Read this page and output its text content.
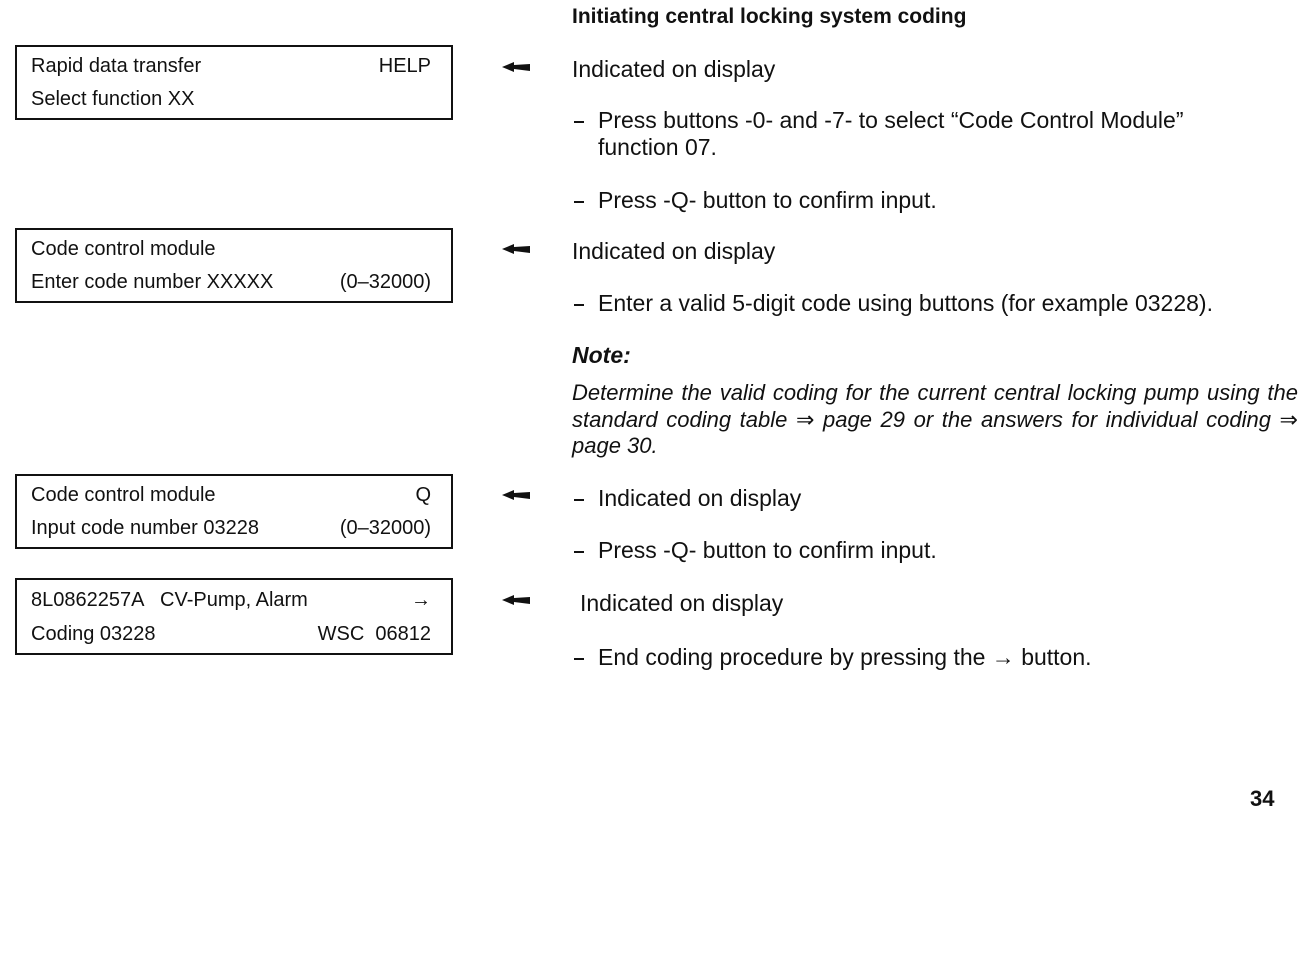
Initiating central locking system coding
Rapid data transfer	HELP
Select function XX
Code control module
Enter code number XXXXX	(0–32000)
Code control module	Q
Input code number 03228	(0–32000)
8L0862257A   CV-Pump, Alarm	→
Coding 03228	WSC  06812
Indicated on display
Press buttons -0- and -7- to select “Code Control Module”
function 07.
Press -Q- button to confirm input.
Indicated on display
Enter a valid 5-digit code using buttons (for example 03228).
Note:
Determine the valid coding for the current central locking pump using the standard coding table ⇒ page 29 or the answers for individual coding ⇒ page 30.
Indicated on display
Press -Q- button to confirm input.
Indicated on display
End coding procedure by pressing the → button.
34
